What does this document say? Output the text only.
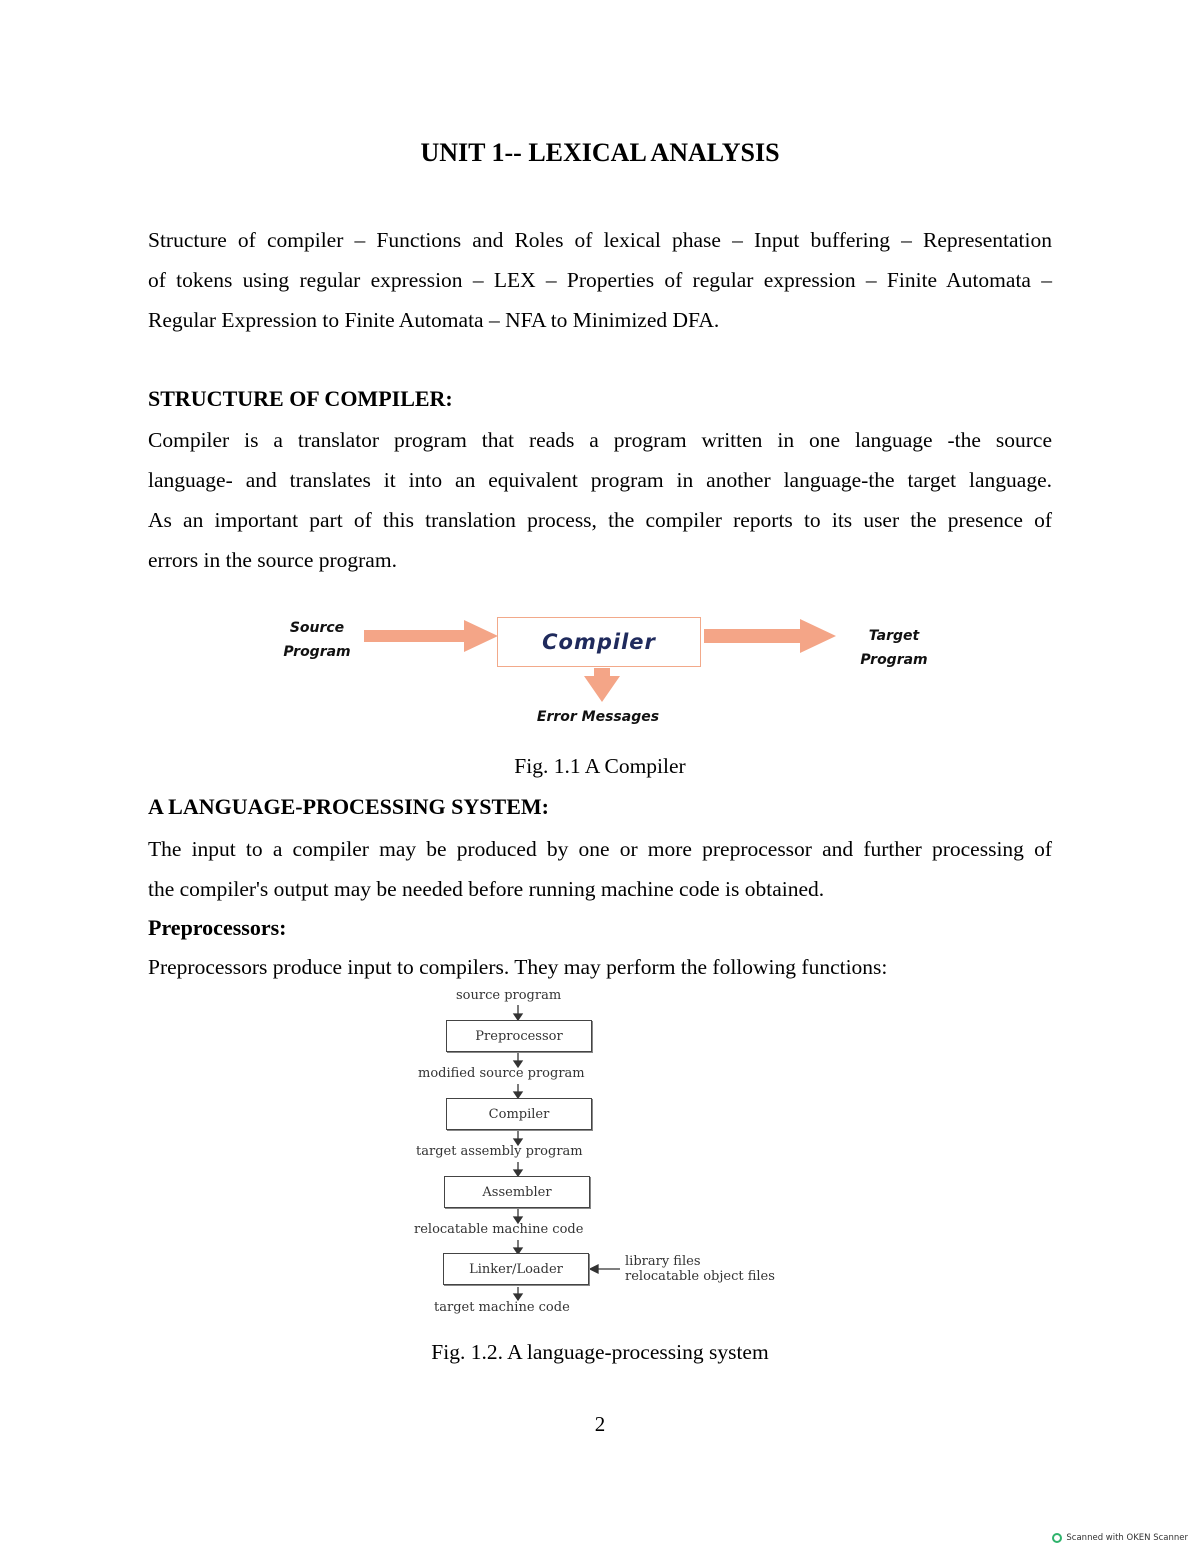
UNIT 1-- LEXICAL ANALYSIS
Structure of compiler – Functions and Roles of lexical phase – Input buffering – Representation
of tokens using regular expression – LEX – Properties of regular expression – Finite Automata –
Regular Expression to Finite Automata – NFA to Minimized DFA.
STRUCTURE OF COMPILER:
Compiler is a translator program that reads a program written in one language -the source
language- and translates it into an equivalent program in another language-the target language.
As an important part of this translation process, the compiler reports to its user the presence of
errors in the source program.
Source
Program	Compiler	Target
Program
Error Messages
Fig. 1.1 A Compiler
A LANGUAGE-PROCESSING SYSTEM:
The input to a compiler may be produced by one or more preprocessor and further processing of
the compiler's output may be needed before running machine code is obtained.
Preprocessors:
Preprocessors produce input to compilers. They may perform the following functions:
source program
Preprocessor
modified source program
Compiler
target assembly program
Assembler
relocatable machine code
Linker/Loader	library files
relocatable object files
target machine code
Fig. 1.2. A language-processing system
2
Scanned with OKEN Scanner
